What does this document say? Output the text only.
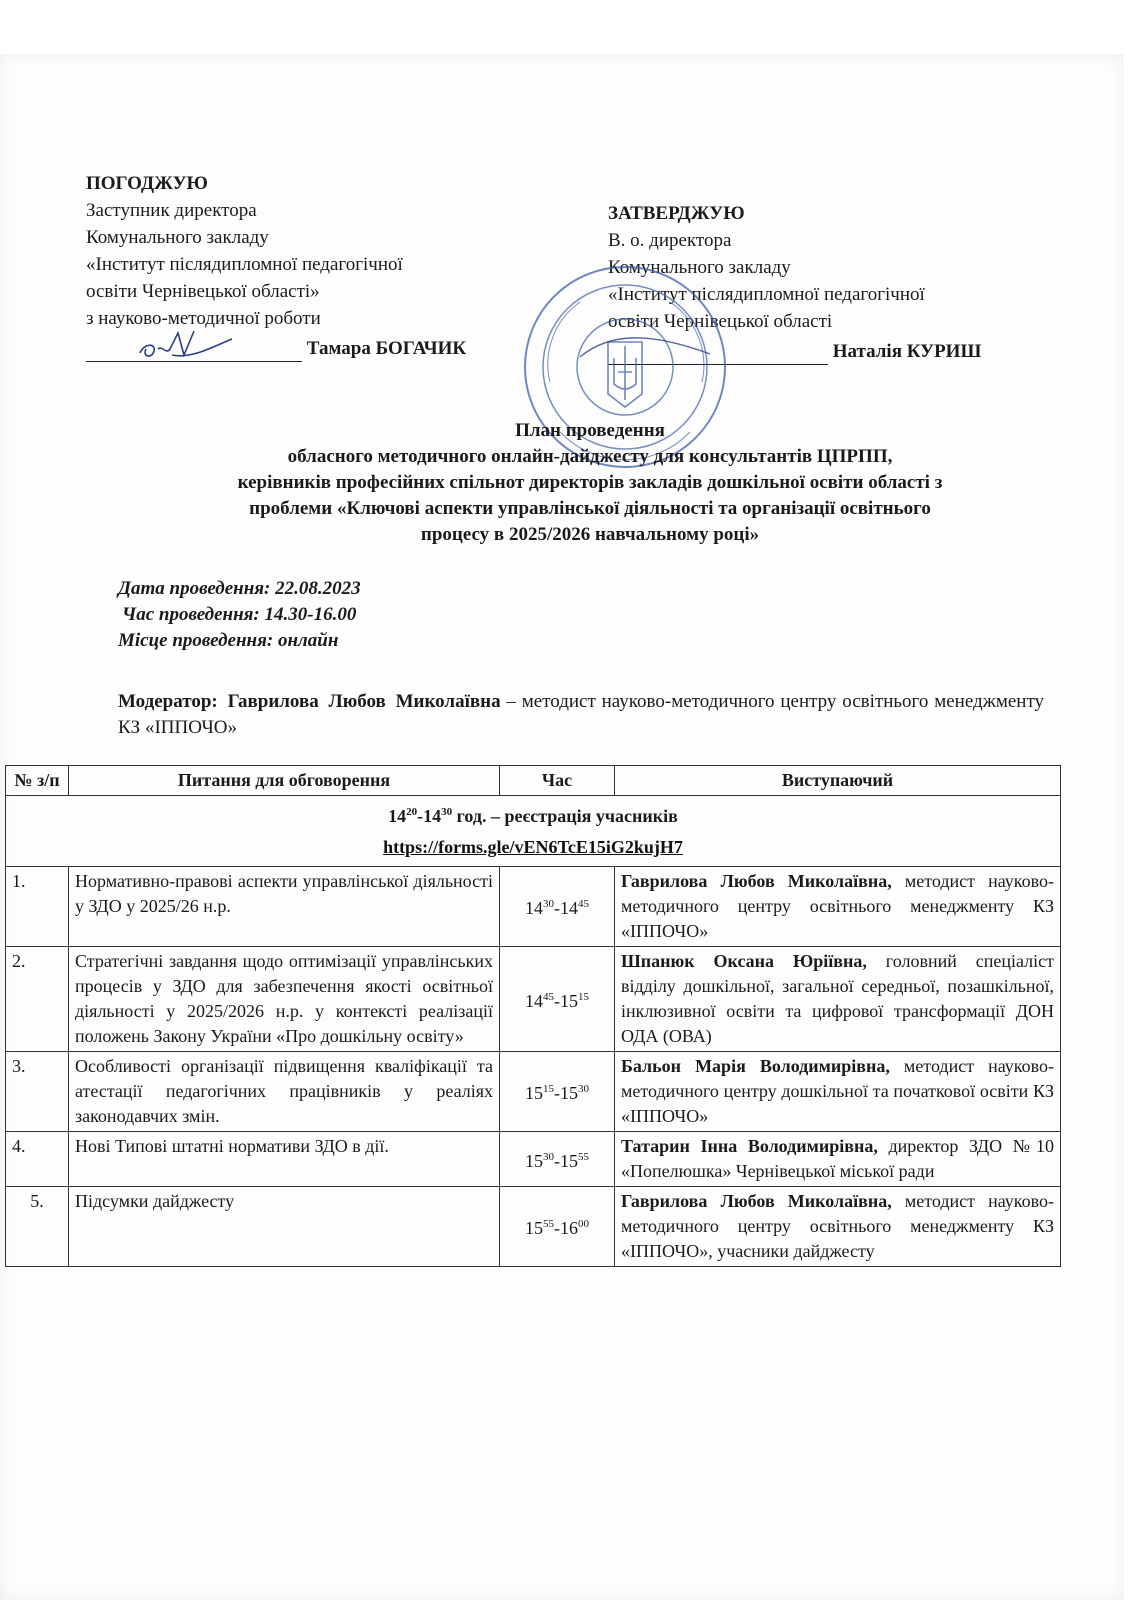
ПОГОДЖУЮ
Заступник директора
Комунального закладу
«Інститут післядипломної педагогічної
освіти Чернівецької області»
з науково-методичної роботи
Тамара БОГАЧИК
ЗАТВЕРДЖУЮ
В. о. директора
Комунального закладу
«Інститут післядипломної педагогічної
освіти Чернівецької області
Наталія КУРИШ
План проведення
обласного методичного онлайн-дайджесту для консультантів ЦПРПП,
керівників професійних спільнот директорів закладів дошкільної освіти області з
проблеми «Ключові аспекти управлінської діяльності та організації освітнього
процесу в 2025/2026 навчальному році»
Дата проведення: 22.08.2023
Час проведення: 14.30-16.00
Місце проведення: онлайн
Модератор: Гаврилова Любов Миколаївна – методист науково-методичного центру освітнього менеджменту КЗ «ІППОЧО»
№ з/п	Питання для обговорення	Час	Виступаючий

$14^{20}-14^{30}$ год. – реєстрація учасників
https://forms.gle/vEN6TcE15iG2kujH7			

1.	Нормативно-правові аспекти управлінської діяльності у ЗДО у 2025/26 н.р.	$14^{30}-14^{45}$	Гаврилова Любов Миколаївна, методист науково-методичного центру освітнього менеджменту КЗ «ІППОЧО»
2.	Стратегічні завдання щодо оптимізації управлінських процесів у ЗДО для забезпечення якості освітньої діяльності у 2025/2026 н.р. у контексті реалізації положень Закону України «Про дошкільну освіту»	$14^{45}-15^{15}$	Шпанюк Оксана Юріївна, головний спеціаліст відділу дошкільної, загальної середньої, позашкільної, інклюзивної освіти та цифрової трансформації ДОН ОДА (ОВА)
3.	Особливості організації підвищення кваліфікації та атестації педагогічних працівників у реаліях законодавчих змін.	$15^{15}-15^{30}$	Бальон Марія Володимирівна, методист науково-методичного центру дошкільної та початкової освіти КЗ «ІППОЧО»
4.	Нові Типові штатні нормативи ЗДО в дії.	$15^{30}-15^{55}$	Татарин Інна Володимирівна, директор ЗДО №10 «Попелюшка» Чернівецької міської ради
5.	Підсумки дайджесту	$15^{55}-16^{00}$	Гаврилова Любов Миколаївна, методист науково-методичного центру освітнього менеджменту КЗ «ІППОЧО», учасники дайджесту
